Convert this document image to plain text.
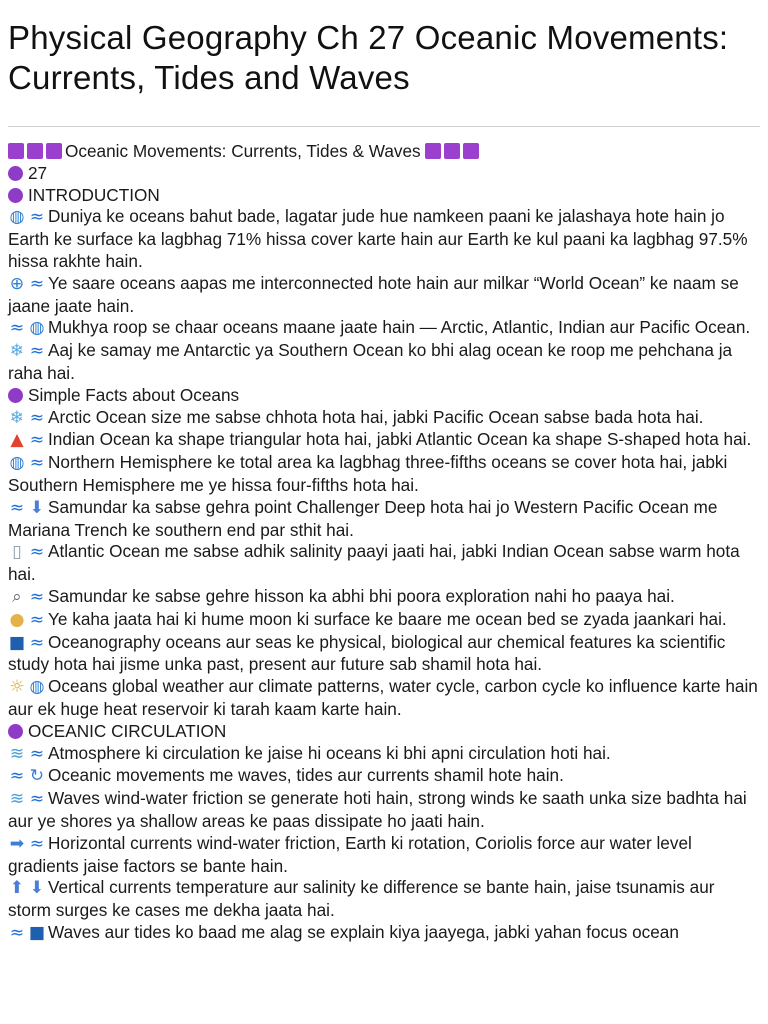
Physical Geography Ch 27 Oceanic Movements: Currents, Tides and Waves
Oceanic Movements: Currents, Tides & Waves
27
INTRODUCTION
◍ ≈ Duniya ke oceans bahut bade, lagatar jude hue namkeen paani ke jalashaya hote hain jo Earth ke surface ka lagbhag 71% hissa cover karte hain aur Earth ke kul paani ka lagbhag 97.5% hissa rakhte hain.
⊕ ≈ Ye saare oceans aapas me interconnected hote hain aur milkar “World Ocean” ke naam se jaane jaate hain.
≈ ◍ Mukhya roop se chaar oceans maane jaate hain — Arctic, Atlantic, Indian aur Pacific Ocean.
❄ ≈ Aaj ke samay me Antarctic ya Southern Ocean ko bhi alag ocean ke roop me pehchana ja raha hai.
Simple Facts about Oceans
❄ ≈ Arctic Ocean size me sabse chhota hota hai, jabki Pacific Ocean sabse bada hota hai.
▲ ≈ Indian Ocean ka shape triangular hota hai, jabki Atlantic Ocean ka shape S-shaped hota hai.
◍ ≈ Northern Hemisphere ke total area ka lagbhag three-fifths oceans se cover hota hai, jabki Southern Hemisphere me ye hissa four-fifths hota hai.
≈ ⬇ Samundar ka sabse gehra point Challenger Deep hota hai jo Western Pacific Ocean me Mariana Trench ke southern end par sthit hai.
▯ ≈ Atlantic Ocean me sabse adhik salinity paayi jaati hai, jabki Indian Ocean sabse warm hota hai.
⌕ ≈ Samundar ke sabse gehre hisson ka abhi bhi poora exploration nahi ho paaya hai.
● ≈ Ye kaha jaata hai ki hume moon ki surface ke baare me ocean bed se zyada jaankari hai.
■ ≈ Oceanography oceans aur seas ke physical, biological aur chemical features ka scientific study hota hai jisme unka past, present aur future sab shamil hota hai.
☼ ◍ Oceans global weather aur climate patterns, water cycle, carbon cycle ko influence karte hain aur ek huge heat reservoir ki tarah kaam karte hain.
OCEANIC CIRCULATION
≋ ≈ Atmosphere ki circulation ke jaise hi oceans ki bhi apni circulation hoti hai.
≈ ↻ Oceanic movements me waves, tides aur currents shamil hote hain.
≋ ≈ Waves wind-water friction se generate hoti hain, strong winds ke saath unka size badhta hai aur ye shores ya shallow areas ke paas dissipate ho jaati hain.
➡ ≈ Horizontal currents wind-water friction, Earth ki rotation, Coriolis force aur water level gradients jaise factors se bante hain.
⬆ ⬇ Vertical currents temperature aur salinity ke difference se bante hain, jaise tsunamis aur storm surges ke cases me dekha jaata hai.
≈ ■ Waves aur tides ko baad me alag se explain kiya jaayega, jabki yahan focus ocean
